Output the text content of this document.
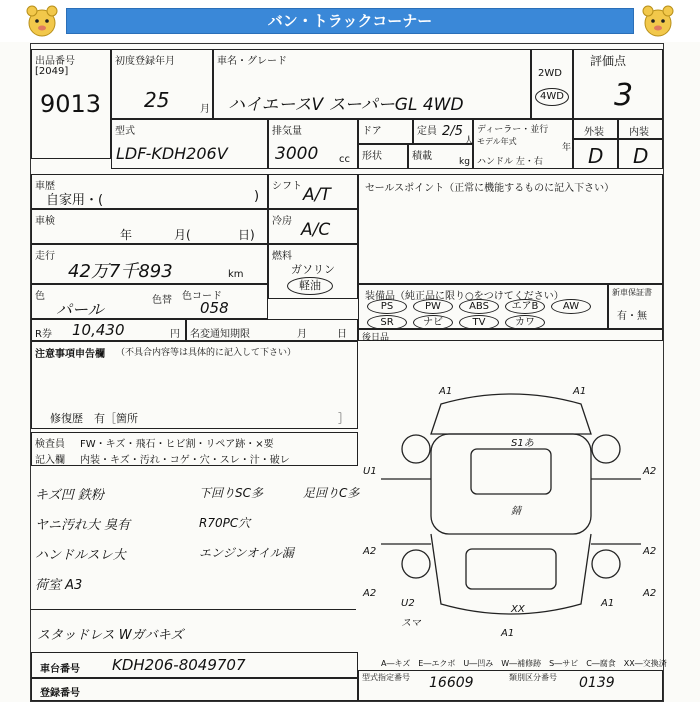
バン・トラックコーナー
出品番号
[2049]
9013
初度登録年月
25	月
車名・グレード
ハイエースV スーパーGL 4WD
2WD
4WD
評価点
3
型式
LDF-KDH206V
排気量
3000 cc
ドア	定員 2/5
人
ディーラー・並行
モデル年式
年
ハンドル 左・右
外装	内装
D D
形状	積載	kg
車歴
自家用・(	)
シフト A/T
車検
年	月(	日)
冷房 A/C
走行
42万7千893	km
燃料
ガソリン
軽油
色
パール	色替 色コード
058
R券 10,430	円 名変通知期限	月	日
セールスポイント（正常に機能するものに記入下さい）
装備品（純正品に限り○をつけてください）
PS	PW	ABS	エアB	AW
SR	ナビ	TV	カワ
新車保証書
有・無
後日品
注意事項申告欄 （不具合内容等は具体的に記入して下さい）
修復歴　有［箇所	］
検査員
記入欄
FW・キズ・飛石・ヒビ割・リペア跡・×要
内装・キズ・汚れ・コゲ・穴・スレ・汁・破レ
キズ凹 鉄粉
ヤニ汚れ大 臭有
ハンドルスレ大
荷室 A3
下回りSC多
R70PC穴
エンジンオイル漏
足回りC多
スタッドレス Wガバキズ
A1	A1
S1あ
U1	A2
A2	A2
A2
U2	A1
XX
A1
錆
スマ
A2
A―キズ　E―エクボ　U―凹み　W―補修跡　S―サビ　C―腐食　XX―交換済
車台番号 KDH206-8049707
登録番号
型式指定番号 16609	類別区分番号 0139
